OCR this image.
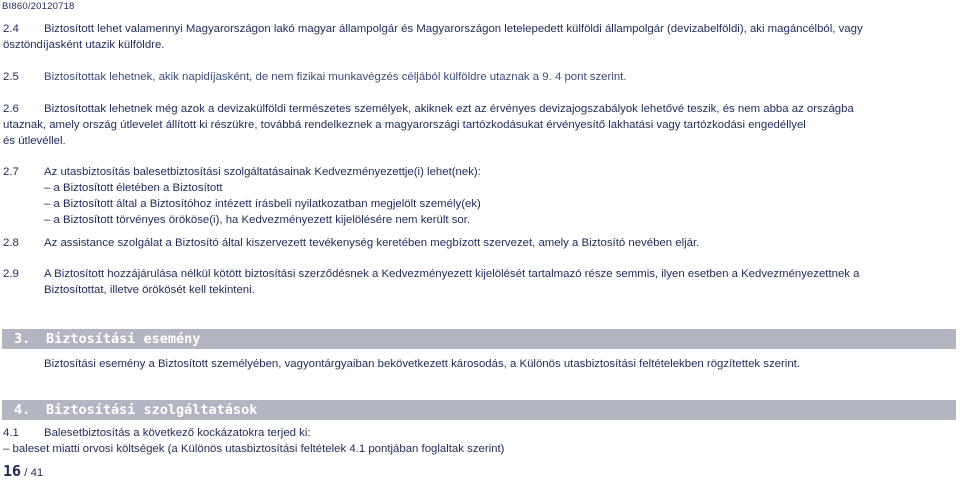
BI860/20120718
2.4 Biztosított lehet valamennyi Magyarországon lakó magyar állampolgár és Magyarországon letelepedett külföldi állampolgár (devizabelföldi), aki magáncélból, vagy
ösztöndíjasként utazik külföldre.
2.5 Biztosítottak lehetnek, akik napidíjasként, de nem fizikai munkavégzés céljából külföldre utaznak a 9. 4 pont szerint.
2.6 Biztosítottak lehetnek még azok a devizakülföldi természetes személyek, akiknek ezt az érvényes devizajogszabályok lehetővé teszik, és nem abba az országba
utaznak, amely ország útlevelet állított ki részükre, továbbá rendelkeznek a magyarországi tartózkodásukat érvényesítő lakhatási vagy tartózkodási engedéllyel
és útlevéllel.
2.7 Az utasbiztosítás balesetbiztosítási szolgáltatásainak Kedvezményezettje(i) lehet(nek):
– a Biztosított életében a Biztosított
– a Biztosított által a Biztosítóhoz intézett írásbeli nyilatkozatban megjelölt személy(ek)
– a Biztosított törvényes örököse(i), ha Kedvezményezett kijelölésére nem került sor.
2.8 Az assistance szolgálat a Biztosító által kiszervezett tevékenység keretében megbízott szervezet, amely a Biztosító nevében eljár.
2.9 A Biztosított hozzájárulása nélkül kötött biztosítási szerződésnek a Kedvezményezett kijelölését tartalmazó része semmis, ilyen esetben a Kedvezményezettnek a
Biztosítottat, illetve örökösét kell tekinteni.
3. Biztosítási esemény
Biztosítási esemény a Biztosított személyében, vagyontárgyaiban bekövetkezett károsodás, a Különös utasbiztosítási feltételekben rögzítettek szerint.
4. Biztosítási szolgáltatások
4.1 Balesetbiztosítás a következő kockázatokra terjed ki:
– baleset miatti orvosi költségek (a Különös utasbiztosítási feltételek 4.1 pontjában foglaltak szerint)
16 / 41
